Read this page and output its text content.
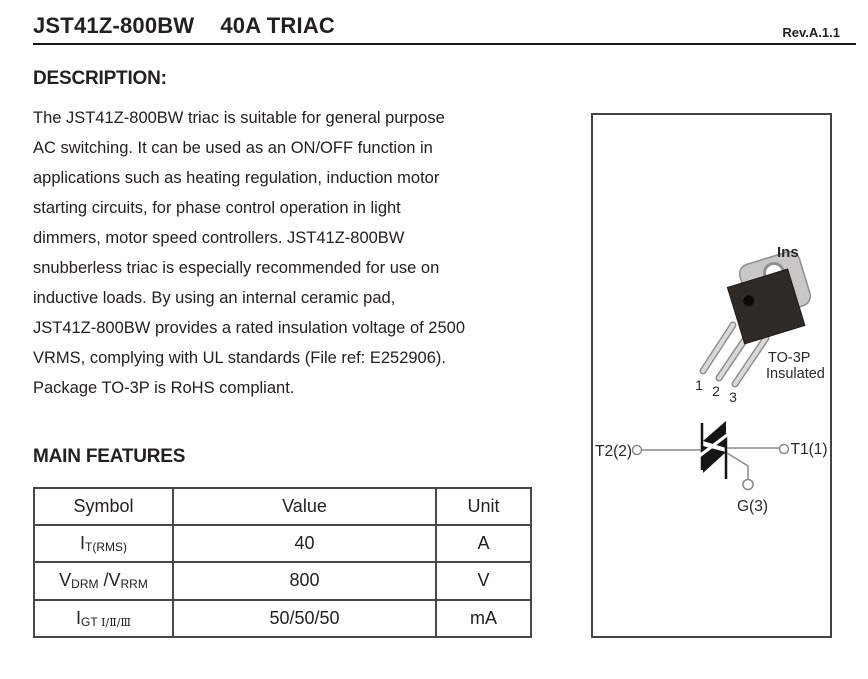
JST41Z-800BW 40A TRIAC	Rev.A.1.1
DESCRIPTION:
The JST41Z-800BW triac is suitable for general purpose
AC switching. It can be used as an ON/OFF function in
applications such as heating regulation, induction motor
starting circuits, for phase control operation in light
dimmers, motor speed controllers. JST41Z-800BW
snubberless triac is especially recommended for use on
inductive loads. By using an internal ceramic pad,
JST41Z-800BW provides a rated insulation voltage of 2500
VRMS, complying with UL standards (File ref: E252906).
Package TO-3P is RoHS compliant.
MAIN FEATURES
Symbol	Value	Unit
IT(RMS)	40	A
VDRM /VRRM	800	V
IGT Ⅰ/Ⅱ/Ⅲ	50/50/50	mA
Ins
1 2 3
TO-3P
Insulated
T2(2)	T1(1)
G(3)
